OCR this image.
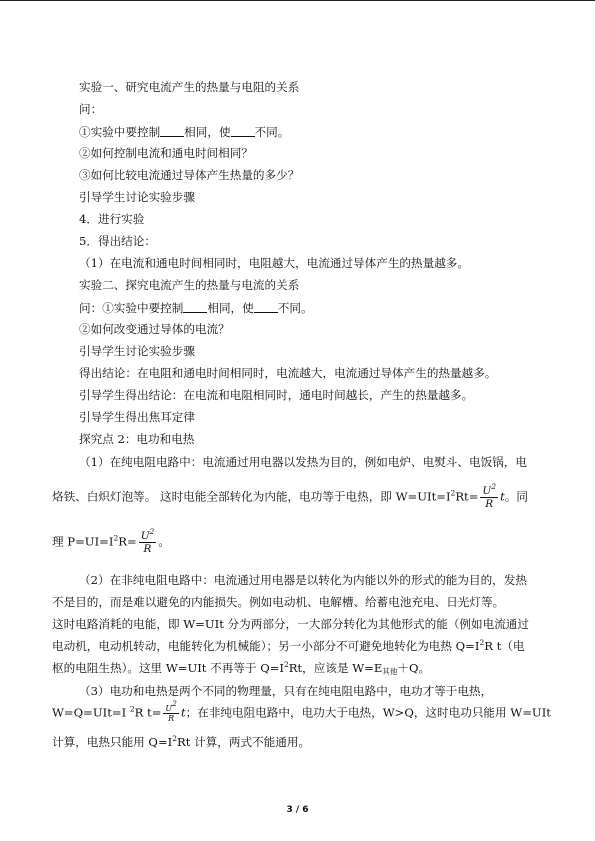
实验一、研究电流产生的热量与电阻的关系
问：
①实验中要控制 相同，使 不同。
②如何控制电流和通电时间相同？
③如何比较电流通过导体产生热量的多少？
引导学生讨论实验步骤
4．进行实验
5．得出结论：
（1）在电流和通电时间相同时，电阻越大，电流通过导体产生的热量越多。
实验二、探究电流产生的热量与电流的关系
问：①实验中要控制 相同，使 不同。
②如何改变通过导体的电流？
引导学生讨论实验步骤
得出结论：在电阻和通电时间相同时，电流越大，电流通过导体产生的热量越多。
引导学生得出结论：在电流和电阻相同时，通电时间越长，产生的热量越多。
引导学生得出焦耳定律
探究点 2：电功和电热
（1）在纯电阻电路中：电流通过用电器以发热为目的，例如电炉、电熨斗、电饭锅，电
烙铁、白炽灯泡等。 这时电能全部转化为内能，电功等于电热，即 $W=UIt=I^2Rt= \frac{U^2}{R}$ t。同
理 $P=UI=I^2R= \frac{U^2}{R}$ 。
（2）在非纯电阻电路中：电流通过用电器是以转化为内能以外的形式的能为目的，发热
不是目的，而是难以避免的内能损失。例如电动机、电解槽、给蓄电池充电、日光灯等。
这时电路消耗的电能，即 W=UIt 分为两部分，一大部分转化为其他形式的能（例如电流通过
电动机，电动机转动，电能转化为机械能）；另一小部分不可避免地转化为电热 $Q=I^2R$ t（电
枢的电阻生热）。这里 W=UIt 不再等于 $Q=I^2Rt$，应该是 $W=E_{其他}+Q$。
（3）电功和电热是两个不同的物理量，只有在纯电阻电路中，电功才等于电热，
W=Q=UIt=I $^2$R $t= \frac{U^2}{R}$ t；在非纯电阻电路中，电功大于电热，W>Q，这时电功只能用 W=UIt
计算，电热只能用 $Q=I^2Rt$ 计算，两式不能通用。
3 / 6
